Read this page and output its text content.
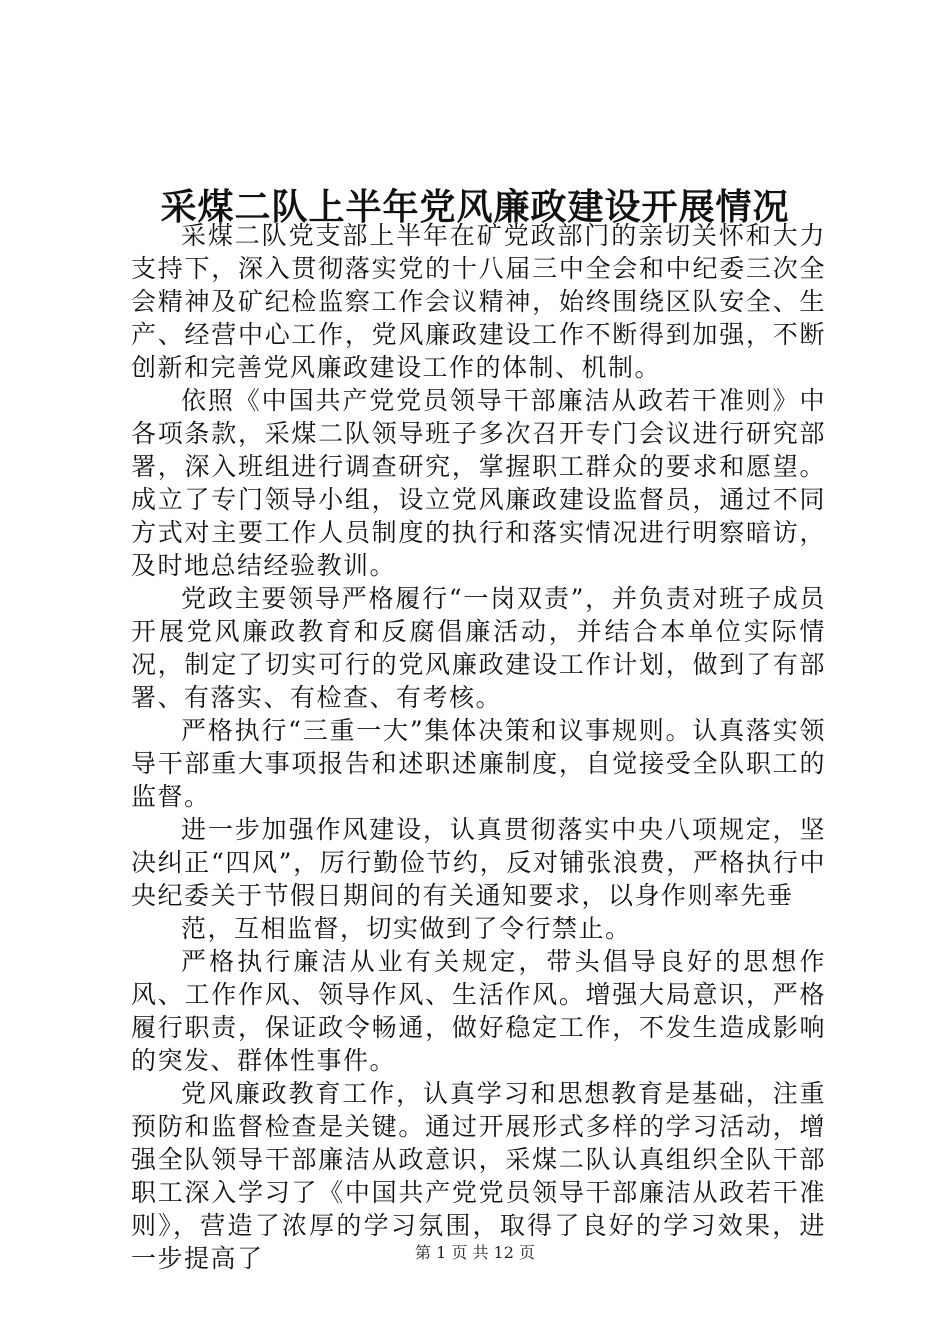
采煤二队上半年党风廉政建设开展情况

采煤二队党支部上半年在矿党政部门的亲切关怀和大力支持下，深入贯彻落实党的十八届三中全会和中纪委三次全会精神及矿纪检监察工作会议精神，始终围绕区队安全、生产、经营中心工作，党风廉政建设工作不断得到加强，不断创新和完善党风廉政建设工作的体制、机制。

依照《中国共产党党员领导干部廉洁从政若干准则》中各项条款，采煤二队领导班子多次召开专门会议进行研究部署，深入班组进行调查研究，掌握职工群众的要求和愿望。成立了专门领导小组，设立党风廉政建设监督员，通过不同方式对主要工作人员制度的执行和落实情况进行明察暗访，及时地总结经验教训。

党政主要领导严格履行“一岗双责”，并负责对班子成员开展党风廉政教育和反腐倡廉活动，并结合本单位实际情况，制定了切实可行的党风廉政建设工作计划，做到了有部署、有落实、有检查、有考核。

严格执行“三重一大”集体决策和议事规则。认真落实领导干部重大事项报告和述职述廉制度，自觉接受全队职工的监督。

进一步加强作风建设，认真贯彻落实中央八项规定，坚决纠正“四风”，厉行勤俭节约，反对铺张浪费，严格执行中央纪委关于节假日期间的有关通知要求，以身作则率先垂

范，互相监督，切实做到了令行禁止。

严格执行廉洁从业有关规定，带头倡导良好的思想作风、工作作风、领导作风、生活作风。增强大局意识，严格履行职责，保证政令畅通，做好稳定工作，不发生造成影响的突发、群体性事件。

党风廉政教育工作，认真学习和思想教育是基础，注重预防和监督检查是关键。通过开展形式多样的学习活动，增强全队领导干部廉洁从政意识，采煤二队认真组织全队干部职工深入学习了《中国共产党党员领导干部廉洁从政若干准则》，营造了浓厚的学习氛围，取得了良好的学习效果，进一步提高了	第 1 页 共 12 页
